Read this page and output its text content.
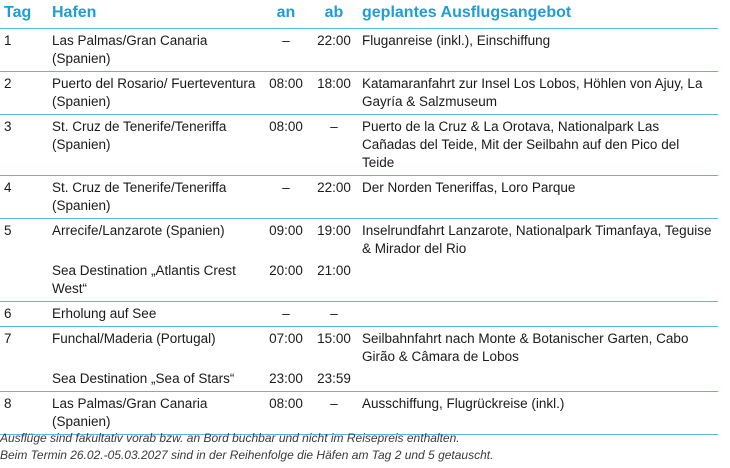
Tag	Hafen	an	ab	geplantes Ausflugsangebot
1	Las Palmas/Gran Canaria (Spanien)	–	22:00	Fluganreise (inkl.), Einschiffung
2	Puerto del Rosario/ Fuerteventura (Spanien)	08:00	18:00	Katamaranfahrt zur Insel Los Lobos, Höhlen von Ajuy, La Gayría & Salzmuseum
3	St. Cruz de Tenerife/Teneriffa (Spanien)	08:00	–	Puerto de la Cruz & La Orotava, Nationalpark Las Cañadas del Teide, Mit der Seilbahn auf den Pico del Teide
4	St. Cruz de Tenerife/Teneriffa (Spanien)	–	22:00	Der Norden Teneriffas, Loro Parque
5	Arrecife/Lanzarote (Spanien)	09:00	19:00	Inselrundfahrt Lanzarote, Nationalpark Timanfaya, Teguise & Mirador del Rio
	Sea Destination „Atlantis Crest West“	20:00	21:00	
6	Erholung auf See	–	–	
7	Funchal/Maderia (Portugal)	07:00	15:00	Seilbahnfahrt nach Monte & Botanischer Garten, Cabo Girão & Câmara de Lobos
	Sea Destination „Sea of Stars“	23:00	23:59	
8	Las Palmas/Gran Canaria (Spanien)	08:00	–	Ausschiffung, Flugrückreise (inkl.)
Ausflüge sind fakultativ vorab bzw. an Bord buchbar und nicht im Reisepreis enthalten.
Beim Termin 26.02.-05.03.2027 sind in der Reihenfolge die Häfen am Tag 2 und 5 getauscht.
